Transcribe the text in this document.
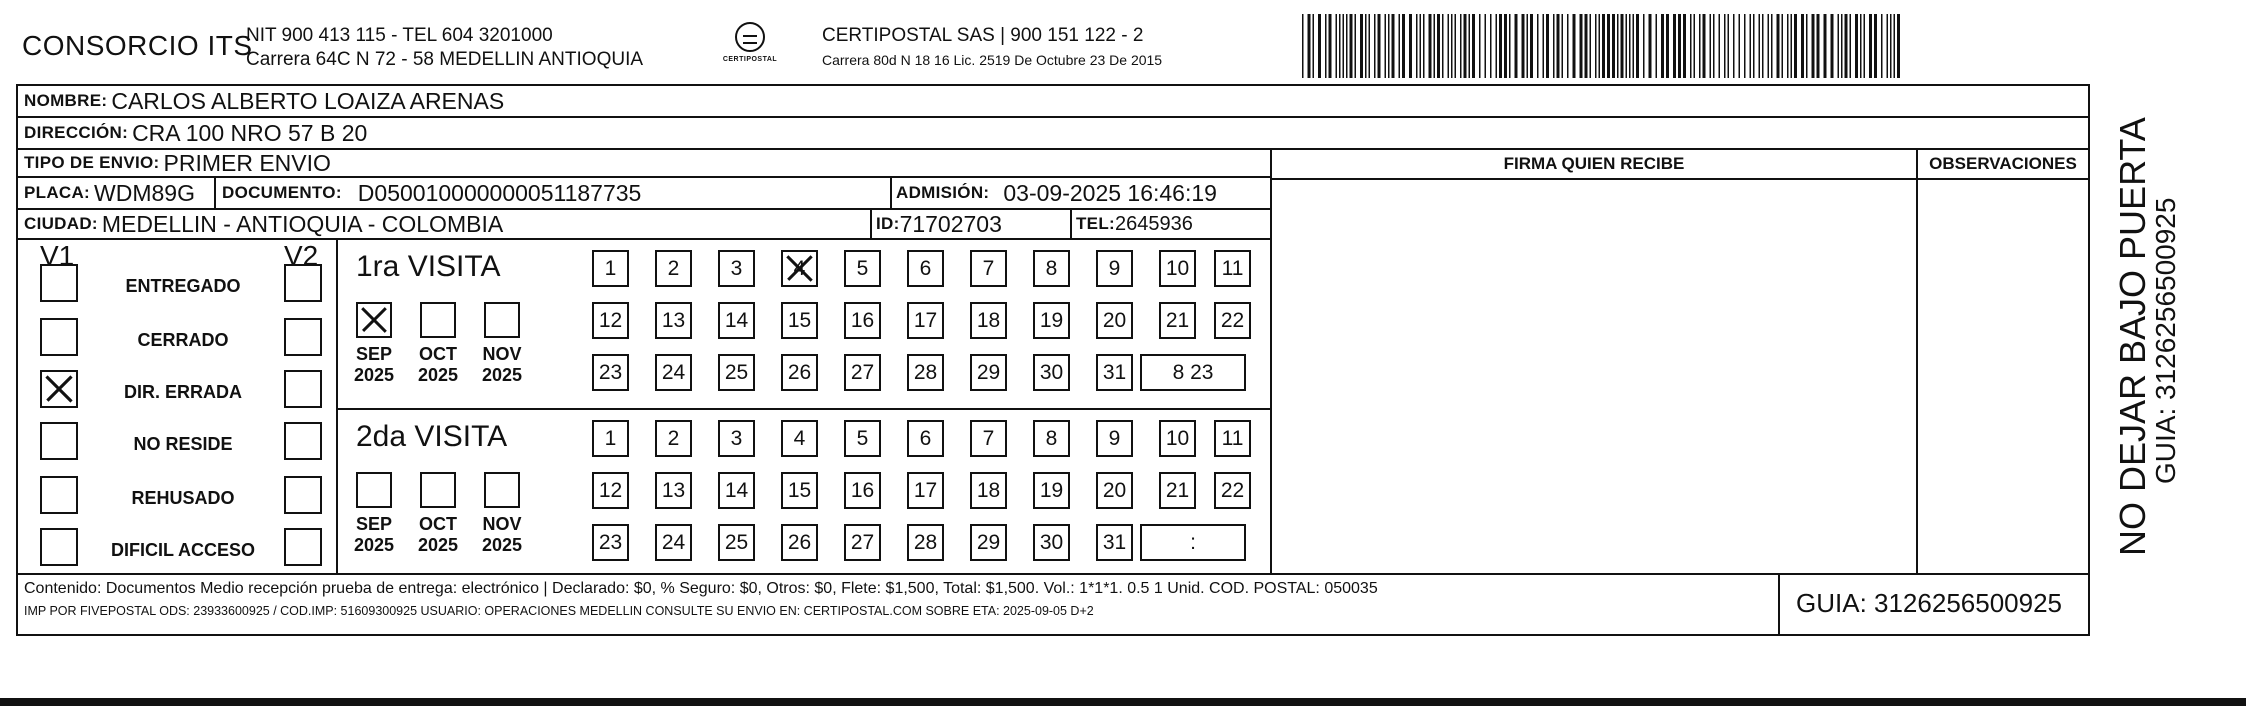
CONSORCIO ITS
NIT 900 413 115 - TEL 604 3201000
Carrera 64C N 72 - 58 MEDELLIN ANTIOQUIA	CERTIPOSTAL
CERTIPOSTAL SAS | 900 151 122 - 2
Carrera 80d N 18 16 Lic. 2519 De Octubre 23 De 2015
NOMBRE: CARLOS ALBERTO LOAIZA ARENAS
DIRECCIÓN: CRA 100 NRO 57 B 20
TIPO DE ENVIO: PRIMER ENVIO
PLACA: WDM89G DOCUMENTO: D050010000000051187735	ADMISIÓN: 03-09-2025 16:46:19
CIUDAD: MEDELLIN - ANTIOQUIA - COLOMBIA	ID: 71702703	TEL: 2645936
FIRMA QUIEN RECIBE	OBSERVACIONES
V1	V2
ENTREGADO
CERRADO
DIR. ERRADA
NO RESIDE
REHUSADO
DIFICIL ACCESO
1ra VISITA
SEP
2025
OCT
2025
NOV
2025
1	2	3	4	5	6	7	8	9	10	11
12	13	14	15	16	17	18	19	20	21	22
23	24	25	26	27	28	29	30	31	8 23
2da VISITA
SEP
2025
OCT
2025
NOV
2025
1	2	3	4	5	6	7	8	9	10	11
12	13	14	15	16	17	18	19	20	21	22
23	24	25	26	27	28	29	30	31	:
Contenido: Documentos Medio recepción prueba de entrega: electrónico | Declarado: $0, % Seguro: $0, Otros: $0, Flete: $1,500, Total: $1,500. Vol.: 1*1*1. 0.5 1 Unid. COD. POSTAL: 050035
IMP POR FIVEPOSTAL ODS: 23933600925 / COD.IMP: 51609300925 USUARIO: OPERACIONES MEDELLIN CONSULTE SU ENVIO EN: CERTIPOSTAL.COM SOBRE ETA: 2025-09-05 D+2	GUIA: 3126256500925
NO DEJAR BAJO PUERTA
GUIA: 3126256500925
